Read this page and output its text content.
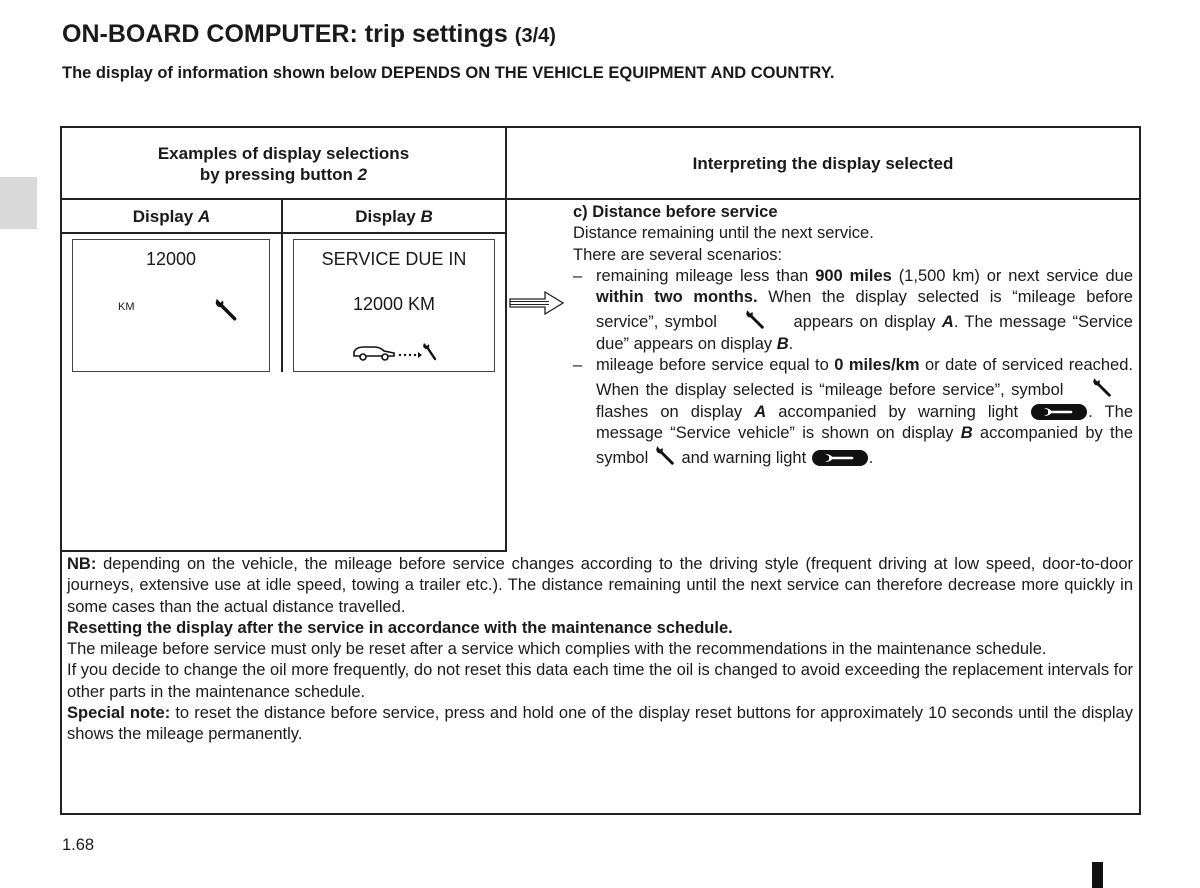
ON-BOARD COMPUTER: trip settings (3/4)
The display of information shown below DEPENDS ON THE VEHICLE EQUIPMENT AND COUNTRY.
Examples of display selections
by pressing button 2
Interpreting the display selected
Display A	Display B
12000
KM
SERVICE DUE IN
12000 KM
c) Distance before service
Distance remaining until the next service.
There are several scenarios:
– remaining mileage less than 900 miles (1,500 km) or next service due within two months. When the display selected is “mileage before service”, symbol	appears on display A. The message “Service due” appears on display B.
– mileage before service equal to 0 miles/km or date of serviced reached. When the display selected is “mileage before service”, symbol        flashes on display A accompanied by warning light	. The message “Service vehicle” is shown on display B accompanied by the symbol  and warning light	.
NB: depending on the vehicle, the mileage before service changes according to the driving style (frequent driving at low speed, door-to-door journeys, extensive use at idle speed, towing a trailer etc.). The distance remaining until the next service can therefore decrease more quickly in some cases than the actual distance travelled.
Resetting the display after the service in accordance with the maintenance schedule.
The mileage before service must only be reset after a service which complies with the recommendations in the maintenance schedule.
If you decide to change the oil more frequently, do not reset this data each time the oil is changed to avoid exceeding the replacement intervals for other parts in the maintenance schedule.
Special note: to reset the distance before service, press and hold one of the display reset buttons for approximately 10 seconds until the display shows the mileage permanently.
1.68
